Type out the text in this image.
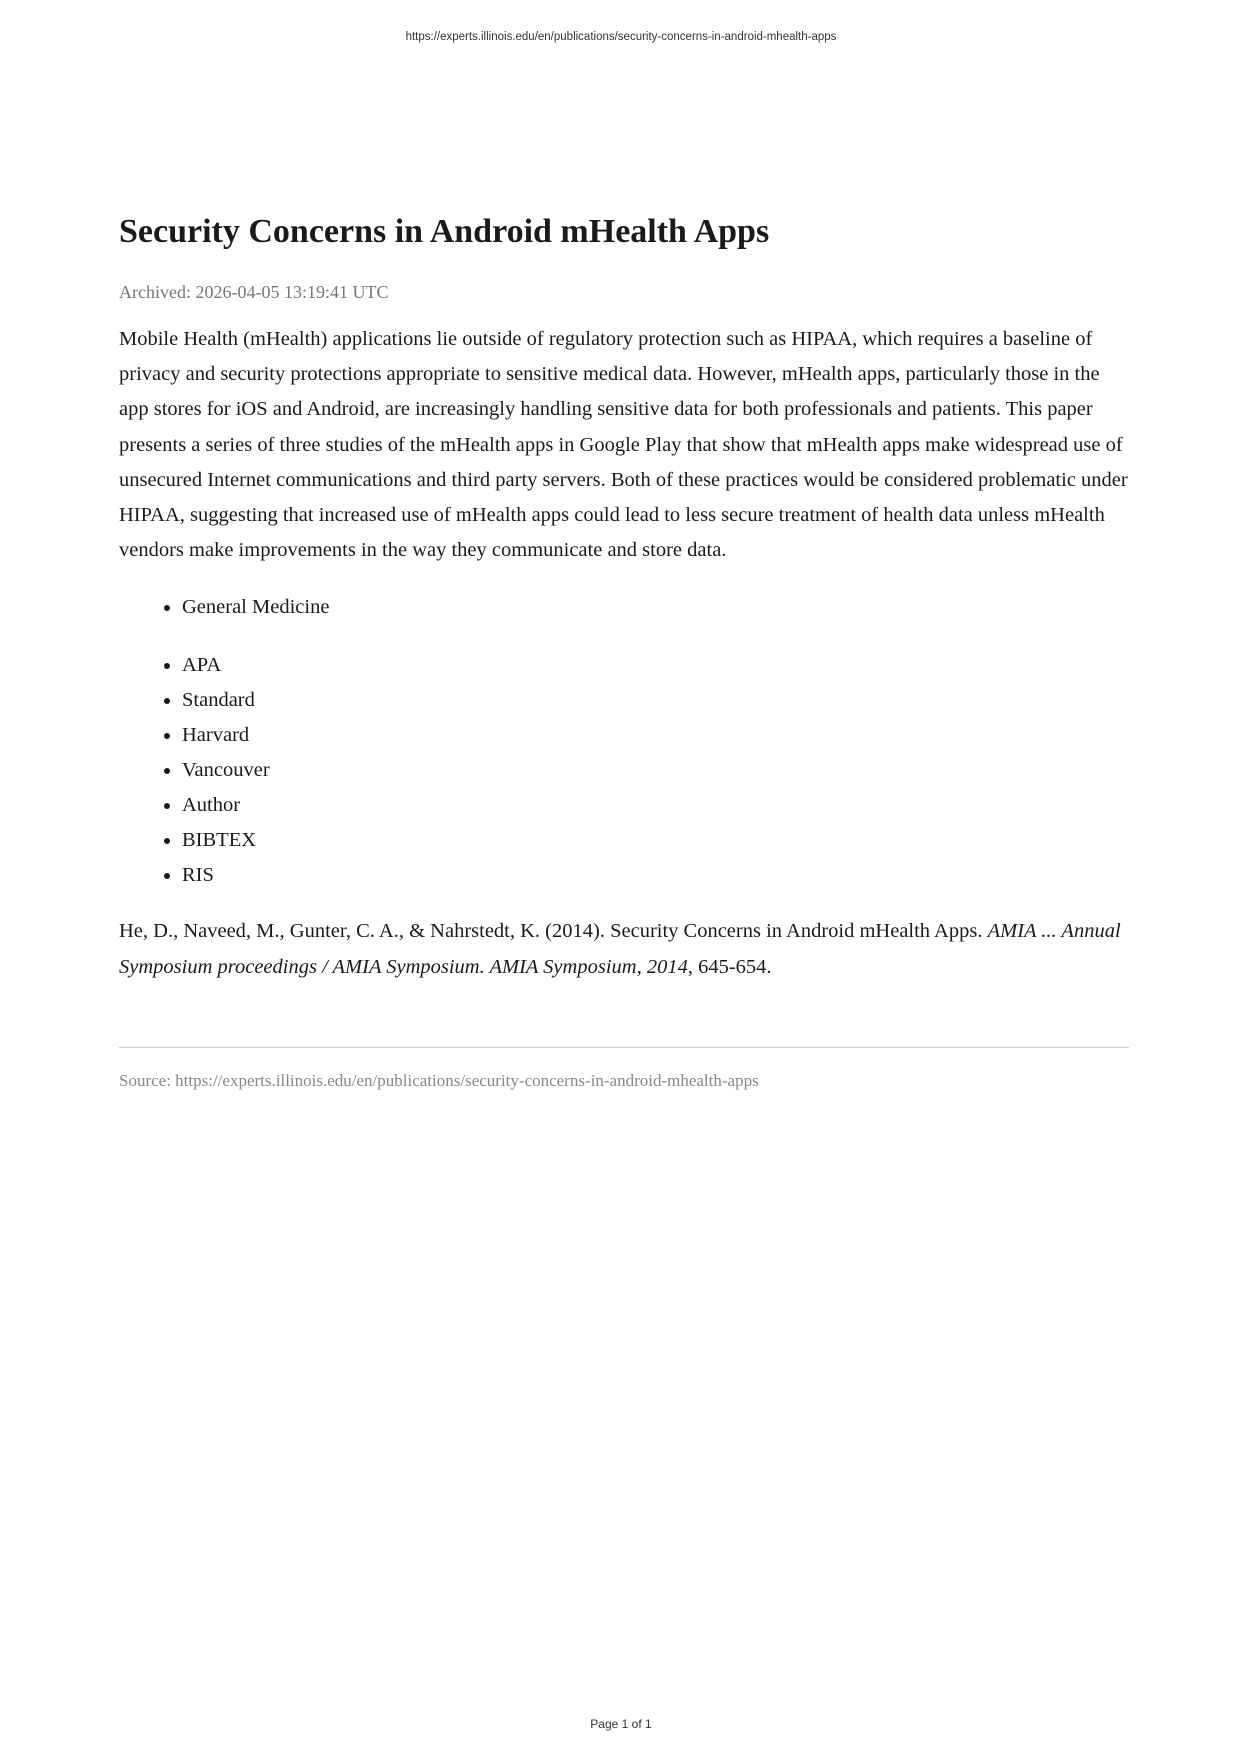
https://experts.illinois.edu/en/publications/security-concerns-in-android-mhealth-apps
Security Concerns in Android mHealth Apps
Archived: 2026-04-05 13:19:41 UTC

Mobile Health (mHealth) applications lie outside of regulatory protection such as HIPAA, which requires a baseline of privacy and security protections appropriate to sensitive medical data. However, mHealth apps, particularly those in the app stores for iOS and Android, are increasingly handling sensitive data for both professionals and patients. This paper presents a series of three studies of the mHealth apps in Google Play that show that mHealth apps make widespread use of unsecured Internet communications and third party servers. Both of these practices would be considered problematic under HIPAA, suggesting that increased use of mHealth apps could lead to less secure treatment of health data unless mHealth vendors make improvements in the way they communicate and store data.

• General Medicine
• APA
• Standard
• Harvard
• Vancouver
• Author
• BIBTEX
• RIS

He, D., Naveed, M., Gunter, C. A., & Nahrstedt, K. (2014). Security Concerns in Android mHealth Apps. AMIA ... Annual Symposium proceedings / AMIA Symposium. AMIA Symposium, 2014, 645-654.

Source: https://experts.illinois.edu/en/publications/security-concerns-in-android-mhealth-apps
Page 1 of 1
